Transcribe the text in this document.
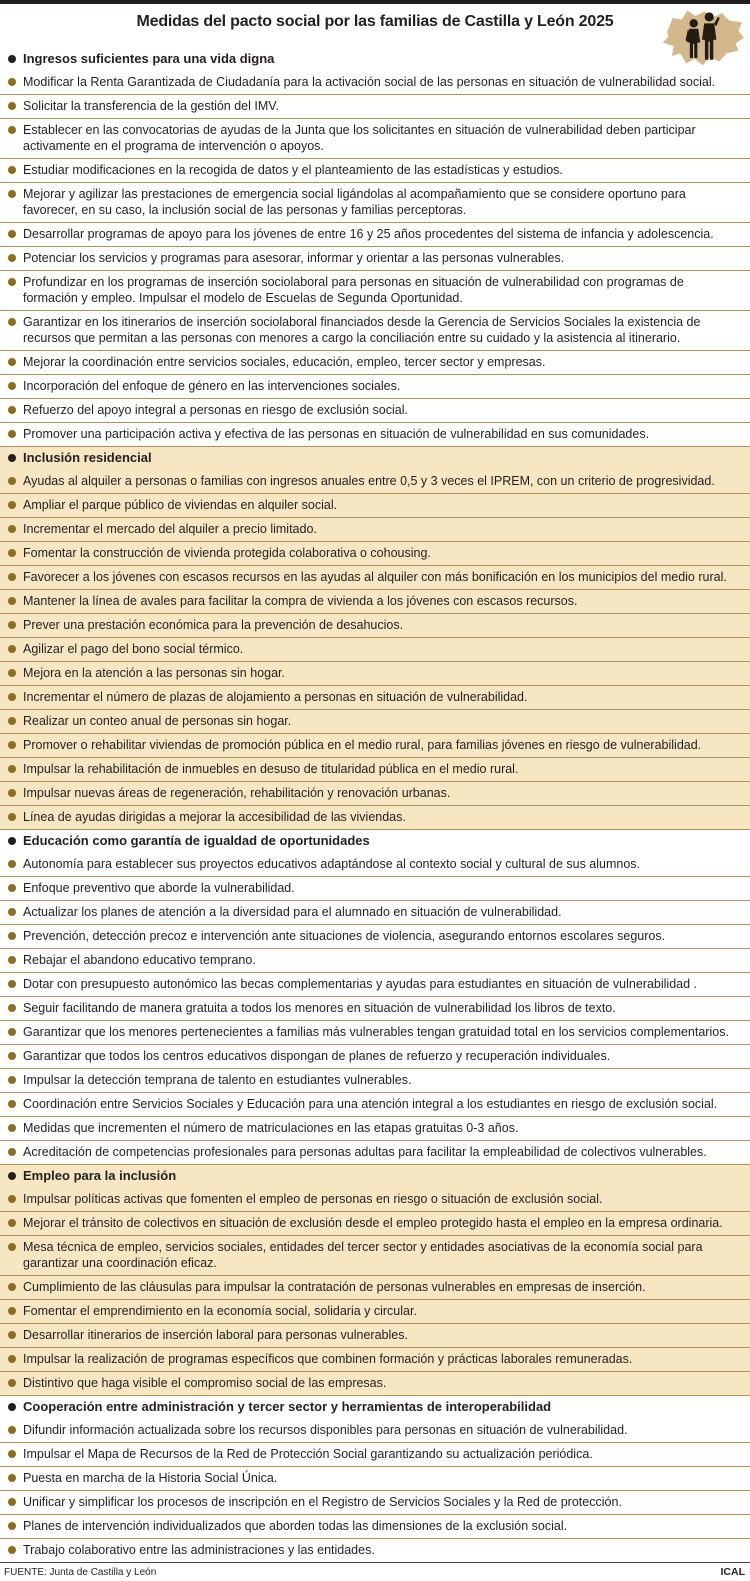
Medidas del pacto social por las familias de Castilla y León 2025
Ingresos suficientes para una vida digna
Modificar la Renta Garantizada de Ciudadanía para la activación social de las personas en situación de vulnerabilidad social.
Solicitar la transferencia de la gestión del IMV.
Establecer en las convocatorias de ayudas de la Junta que los solicitantes en situación de vulnerabilidad deben participar activamente en el programa de intervención o apoyos.
Estudiar modificaciones en la recogida de datos y el planteamiento de las estadísticas y estudios.
Mejorar y agilizar las prestaciones de emergencia social ligándolas al acompañamiento que se considere oportuno para favorecer, en su caso, la inclusión social de las personas y familias perceptoras.
Desarrollar programas de apoyo para los jóvenes de entre 16 y 25 años procedentes del sistema de infancia y adolescencia.
Potenciar los servicios y programas para asesorar, informar y orientar a las personas vulnerables.
Profundizar en los programas de inserción sociolaboral para personas en situación de vulnerabilidad con programas de formación y empleo. Impulsar el modelo de Escuelas de Segunda Oportunidad.
Garantizar en los itinerarios de inserción sociolaboral financiados desde la Gerencia de Servicios Sociales la existencia de recursos que permitan a las personas con menores a cargo la conciliación entre su cuidado y la asistencia al itinerario.
Mejorar la coordinación entre servicios sociales, educación, empleo, tercer sector y empresas.
Incorporación del enfoque de género en las intervenciones sociales.
Refuerzo del apoyo integral a personas en riesgo de exclusión social.
Promover una participación activa y efectiva de las personas en situación de vulnerabilidad en sus comunidades.
Inclusión residencial
Ayudas al alquiler a personas o familias con ingresos anuales entre 0,5 y 3 veces el IPREM, con un criterio de progresividad.
Ampliar el parque público de viviendas en alquiler social.
Incrementar el mercado del alquiler a precio limitado.
Fomentar la construcción de vivienda protegida colaborativa o cohousing.
Favorecer a los jóvenes con escasos recursos en las ayudas al alquiler con más bonificación en los municipios del medio rural.
Mantener la línea de avales para facilitar la compra de vivienda a los jóvenes con escasos recursos.
Prever una prestación económica para la prevención de desahucios.
Agilizar el pago del bono social térmico.
Mejora en la atención a las personas sin hogar.
Incrementar el número de plazas de alojamiento a personas en situación de vulnerabilidad.
Realizar un conteo anual de personas sin hogar.
Promover o rehabilitar viviendas de promoción pública en el medio rural, para familias jóvenes en riesgo de vulnerabilidad.
Impulsar la rehabilitación de inmuebles en desuso de titularidad pública en el medio rural.
Impulsar nuevas áreas de regeneración, rehabilitación y renovación urbanas.
Línea de ayudas dirigidas a mejorar la accesibilidad de las viviendas.
Educación como garantía de igualdad de oportunidades
Autonomía para establecer sus proyectos educativos adaptándose al contexto social y cultural de sus alumnos.
Enfoque preventivo que aborde la vulnerabilidad.
Actualizar los planes de atención a la diversidad para el alumnado en situación de vulnerabilidad.
Prevención, detección precoz e intervención ante situaciones de violencia, asegurando entornos escolares seguros.
Rebajar el abandono educativo temprano.
Dotar con presupuesto autonómico las becas complementarias y ayudas para estudiantes en situación de vulnerabilidad .
Seguir facilitando de manera gratuita a todos los menores en situación de vulnerabilidad los libros de texto.
Garantizar que los menores pertenecientes a familias más vulnerables tengan gratuidad total en los servicios complementarios.
Garantizar que todos los centros educativos dispongan de planes de refuerzo y recuperación individuales.
Impulsar la detección temprana de talento en estudiantes vulnerables.
Coordinación entre Servicios Sociales y Educación para una atención integral a los estudiantes en riesgo de exclusión social.
Medidas que incrementen el número de matriculaciones en las etapas gratuitas 0-3 años.
Acreditación de competencias profesionales para personas adultas para facilitar la empleabilidad de colectivos vulnerables.
Empleo para la inclusión
Impulsar políticas activas que fomenten el empleo de personas en riesgo o situación de exclusión social.
Mejorar el tránsito de colectivos en situación de exclusión desde el empleo protegido hasta el empleo en la empresa ordinaria.
Mesa técnica de empleo, servicios sociales, entidades del tercer sector y entidades asociativas de la economía social para garantizar una coordinación eficaz.
Cumplimiento de las cláusulas para impulsar la contratación de personas vulnerables en empresas de inserción.
Fomentar el emprendimiento en la economía social, solidaria y circular.
Desarrollar itinerarios de inserción laboral para personas vulnerables.
Impulsar la realización de programas específicos que combinen formación y prácticas laborales remuneradas.
Distintivo que haga visible el compromiso social de las empresas.
Cooperación entre administración y tercer sector y herramientas de interoperabilidad
Difundir información actualizada sobre los recursos disponibles para personas en situación de vulnerabilidad.
Impulsar el Mapa de Recursos de la Red de Protección Social garantizando su actualización periódica.
Puesta en marcha de la Historia Social Única.
Unificar y simplificar los procesos de inscripción en el Registro de Servicios Sociales y la Red de protección.
Planes de intervención individualizados que aborden todas las dimensiones de la exclusión social.
Trabajo colaborativo entre las administraciones y las entidades.
FUENTE: Junta de Castilla y León	ICAL
